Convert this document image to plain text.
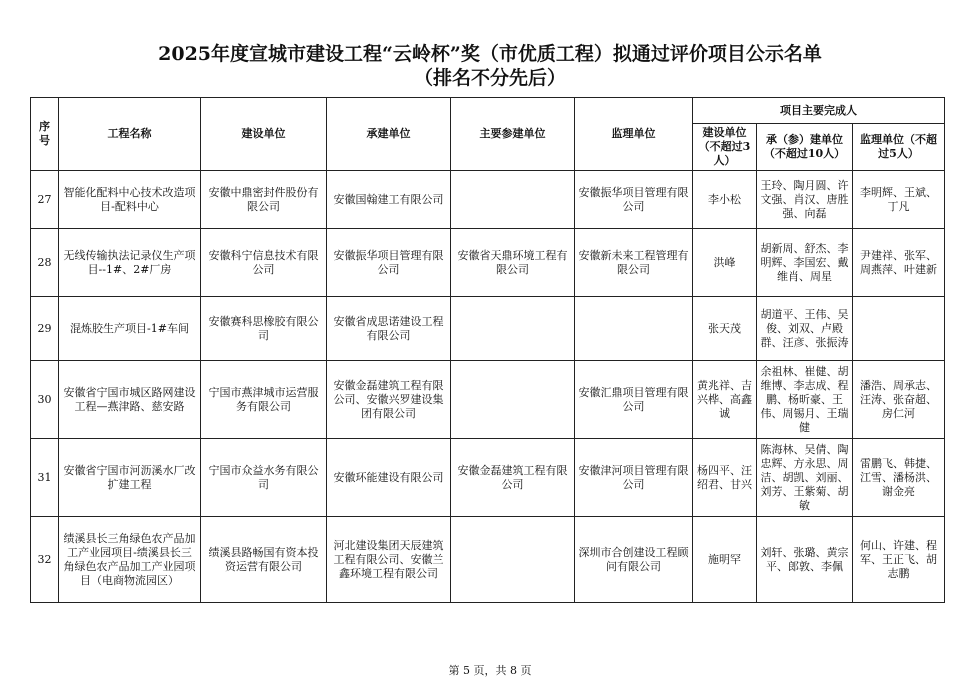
2025年度宣城市建设工程“云岭杯”奖（市优质工程）拟通过评价项目公示名单
（排名不分先后）
序号	工程名称	建设单位	承建单位	主要参建单位	监理单位	项目主要完成人		
						建设单位（不超过3人）	承（参）建单位（不超过10人）	监理单位（不超过5人）
27	智能化配料中心技术改造项目-配料中心	安徽中鼎密封件股份有限公司	安徽国翰建工有限公司		安徽振华项目管理有限公司	李小松	王玲、陶月圆、许文强、肖汉、唐胜强、向磊	李明辉、王斌、丁凡
28	无线传输执法记录仪生产项目--1#、2#厂房	安徽科宁信息技术有限公司	安徽振华项目管理有限公司	安徽省天鼎环境工程有限公司	安徽新未来工程管理有限公司	洪峰	胡新周、舒杰、李明辉、李国宏、戴维肖、周星	尹建祥、张军、周燕萍、叶建新
29	混炼胶生产项目-1#车间	安徽赛科思橡胶有限公司	安徽省成思诺建设工程有限公司			张天茂	胡道平、王伟、吴俊、刘双、卢殿群、汪彦、张振涛	
30	安徽省宁国市城区路网建设工程—燕津路、慈安路	宁国市燕津城市运营服务有限公司	安徽金磊建筑工程有限公司、安徽兴罗建设集团有限公司		安徽汇鼎项目管理有限公司	黄兆祥、吉兴桦、高鑫诚	余祖林、崔健、胡维博、李志成、程鹏、杨昕豪、王伟、周锡月、王瑞健	潘浩、周承志、汪涛、张奋超、房仁河
31	安徽省宁国市河沥溪水厂改扩建工程	宁国市众益水务有限公司	安徽环能建设有限公司	安徽金磊建筑工程有限公司	安徽津河项目管理有限公司	杨四平、汪绍君、甘兴	陈海林、吴倩、陶忠辉、方永思、周洁、胡凯、刘丽、刘芳、王紫菊、胡敏	雷鹏飞、韩捷、江雪、潘杨洪、谢金亮
32	绩溪县长三角绿色农产品加工产业园项目-绩溪县长三角绿色农产品加工产业园项目（电商物流园区）	绩溪县路畅国有资本投资运营有限公司	河北建设集团天辰建筑工程有限公司、安徽兰鑫环境工程有限公司		深圳市合创建设工程顾问有限公司	施明罕	刘轩、张璐、黄宗平、郎敦、李佩	何山、许建、程军、王正飞、胡志鹏
第 5 页，共 8 页
